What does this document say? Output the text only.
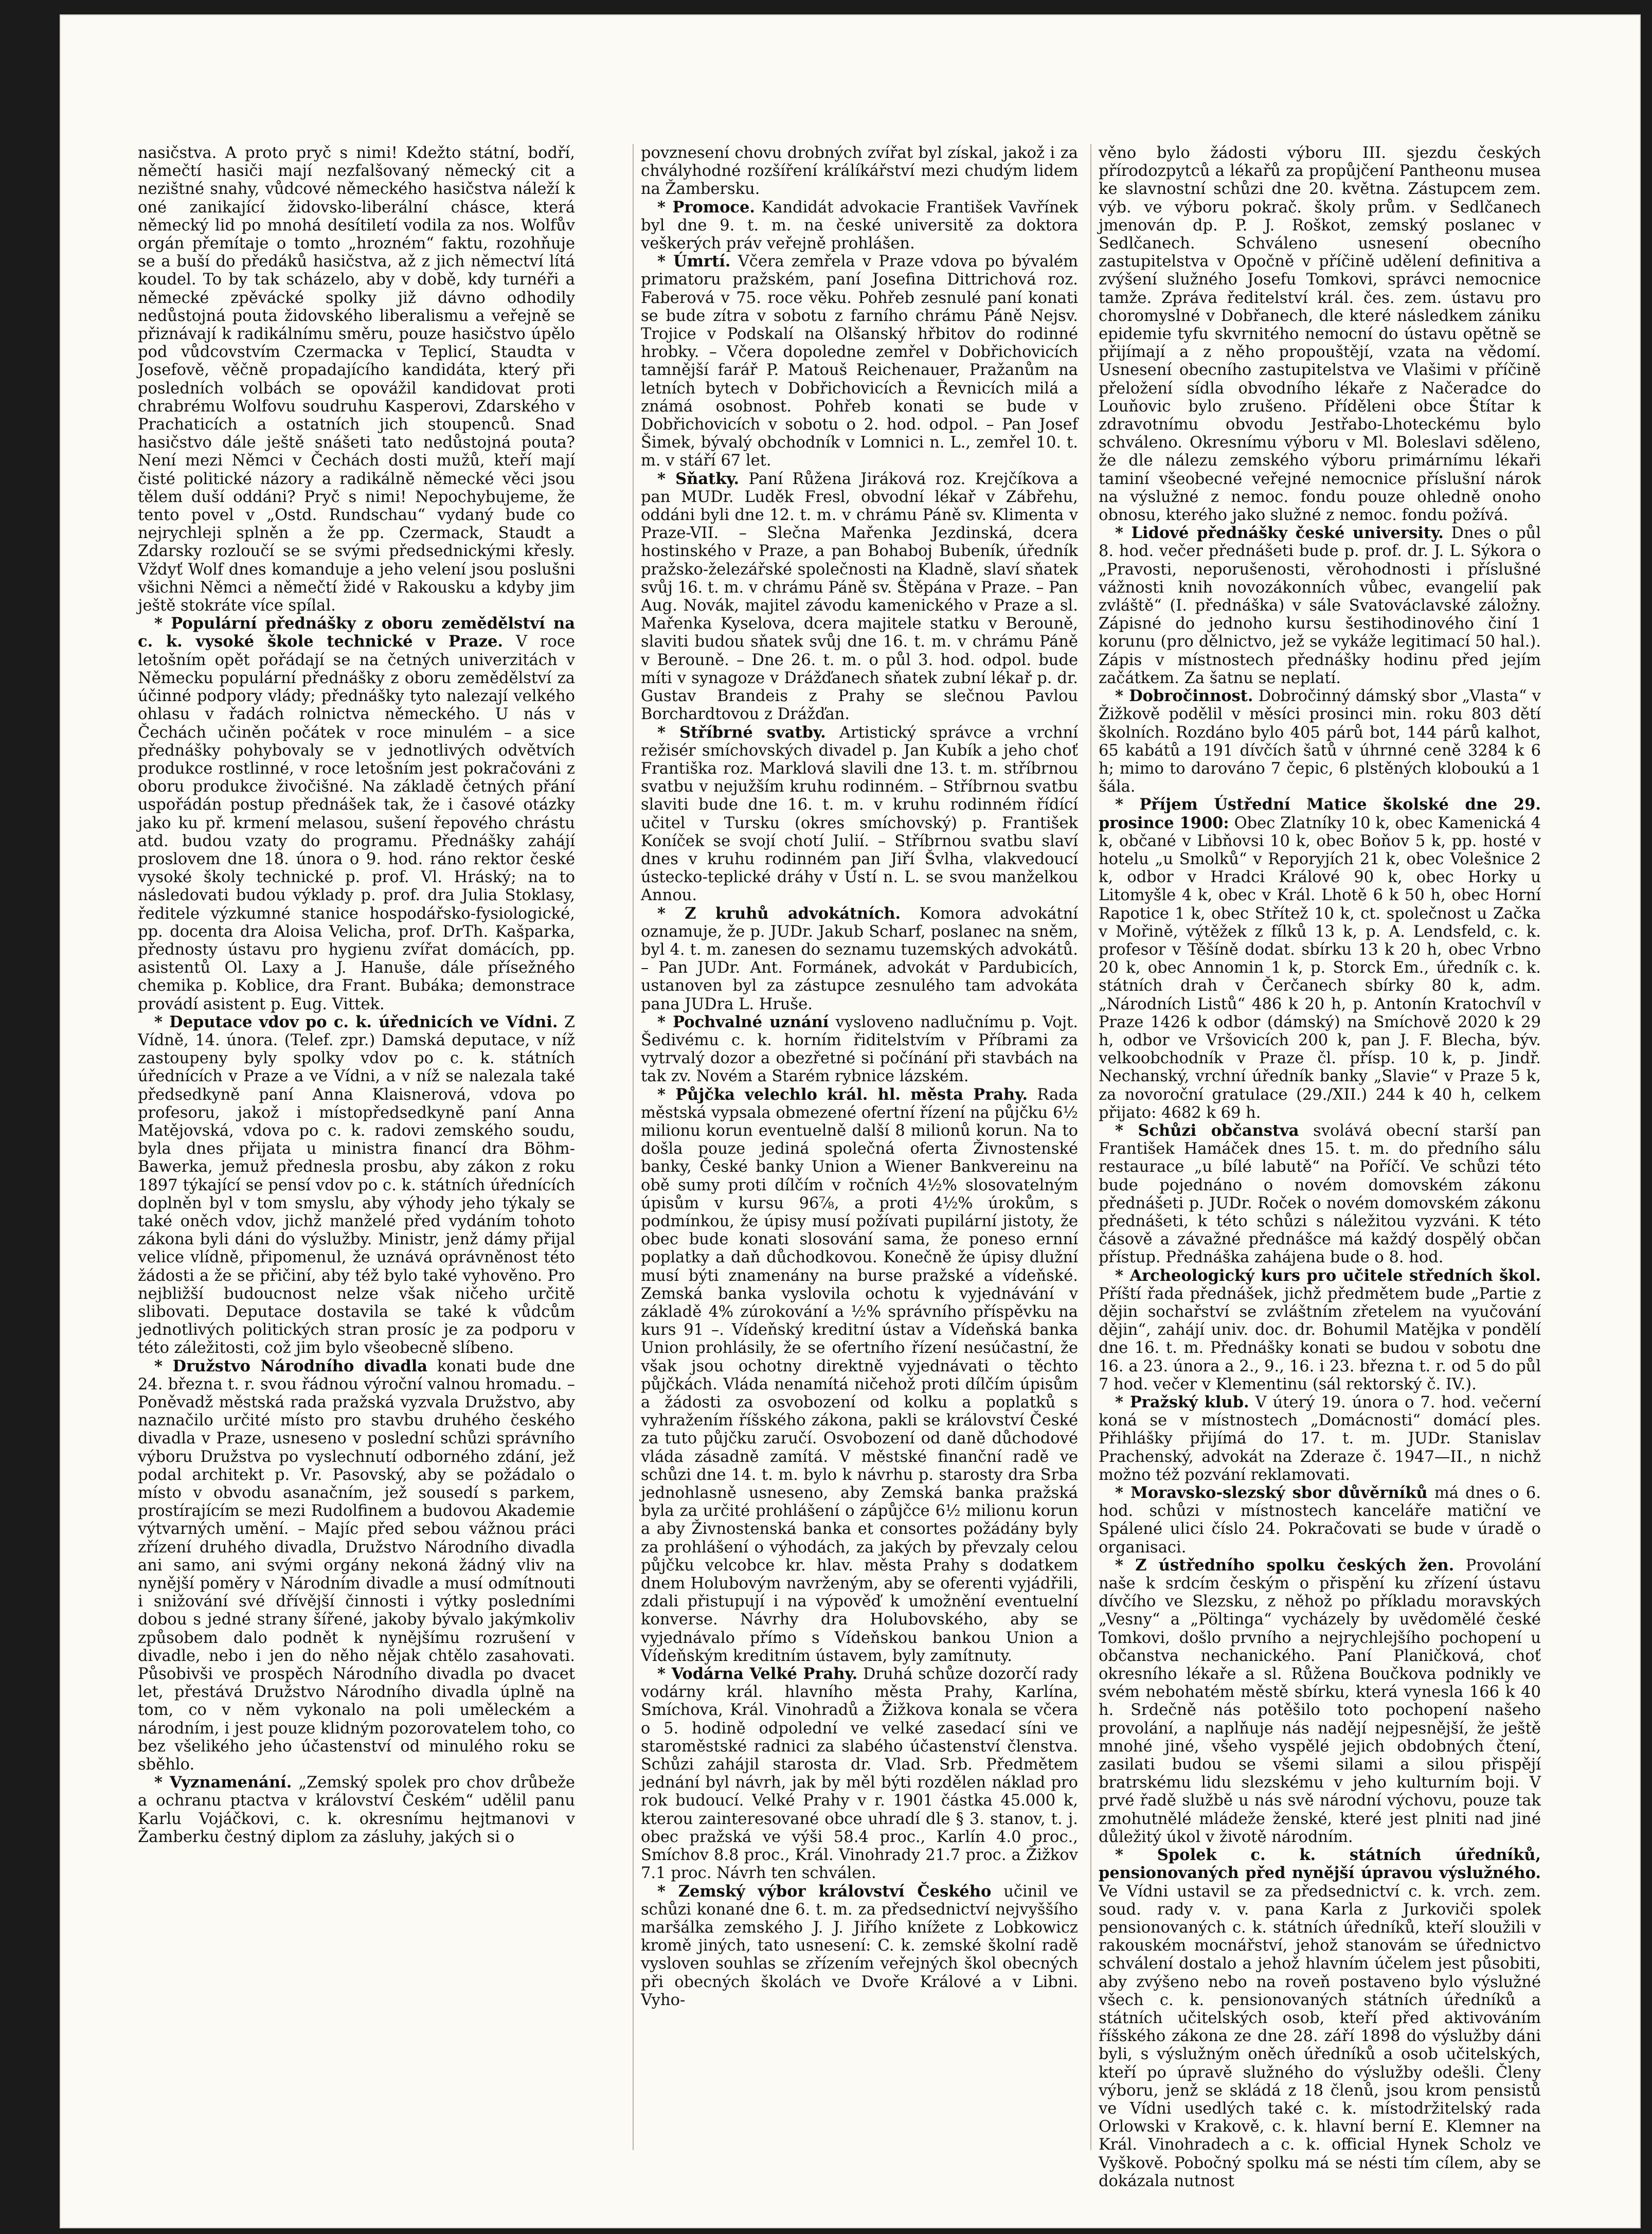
nasičstva. A proto pryč s nimi! Kdežto státní, bodří, němečtí hasiči mají nezfalšovaný německý cit a nezištné snahy, vůdcové německého hasičstva náleží k oné zanikající židovsko-liberální chásce, která německý lid po mnohá desítiletí vodila za nos. Wolfův orgán přemítaje o tomto „hrozném“ faktu, rozohňuje se a buší do předáků hasičstva, až z jich němectví lítá koudel. To by tak scházelo, aby v době, kdy turnéři a německé zpěvácké spolky již dávno odhodily nedůstojná pouta židovského liberalismu a veřejně se přiznávají k radikálnímu směru, pouze hasičstvo úpělo pod vůdcovstvím Czermacka v Teplicí, Staudta v Josefově, věčně propadajícího kandidáta, který při posledních volbách se opovážil kandidovat proti chrabrému Wolfovu soudruhu Kasperovi, Zdarského v Prachaticích a ostatních jich stoupenců. Snad hasičstvo dále ještě snášeti tato nedůstojná pouta? Není mezi Němci v Čechách dosti mužů, kteří mají čisté politické názory a radikálně německé věci jsou tělem duší oddáni? Pryč s nimi! Nepochybujeme, že tento povel v „Ostd. Rundschau“ vydaný bude co nejrychleji splněn a že pp. Czermack, Staudt a Zdarsky rozloučí se se svými předsednickými křesly. Vždyť Wolf dnes komanduje a jeho velení jsou poslušni všichni Němci a němečtí židé v Rakousku a kdyby jim ještě stokráte více spílal.

* Populární přednášky z oboru zemědělství na c. k. vysoké škole technické v Praze. V roce letošním opět pořádají se na četných univerzitách v Německu populární přednášky z oboru zemědělství za účinné podpory vlády; přednášky tyto nalezají velkého ohlasu v řadách rolnictva německého. U nás v Čechách učiněn počátek v roce minulém – a sice přednášky pohybovaly se v jednotlivých odvětvích produkce rostlinné, v roce letošním jest pokračováni z oboru produkce živočišné. Na základě četných přání uspořádán postup přednášek tak, že i časové otázky jako ku př. krmení melasou, sušení řepového chrástu atd. budou vzaty do programu. Přednášky zahájí proslovem dne 18. února o 9. hod. ráno rektor české vysoké školy technické p. prof. Vl. Hráský; na to následovati budou výklady p. prof. dra Julia Stoklasy, ředitele výzkumné stanice hospodářsko-fysiologické, pp. docenta dra Aloisa Velicha, prof. DrTh. Kašparka, přednosty ústavu pro hygienu zvířat domácích, pp. asistentů Ol. Laxy a J. Hanuše, dále přísežného chemika p. Koblice, dra Frant. Bubáka; demonstrace provádí asistent p. Eug. Vittek.

* Deputace vdov po c. k. úřednicích ve Vídni. Z Vídně, 14. února. (Telef. zpr.) Damská deputace, v níž zastoupeny byly spolky vdov po c. k. státních úřednících v Praze a ve Vídni, a v níž se nalezala také předsedkyně paní Anna Klaisnerová, vdova po profesoru, jakož i místopředsedkyně paní Anna Matějovská, vdova po c. k. radovi zemského soudu, byla dnes přijata u ministra financí dra Böhm-Bawerka, jemuž přednesla prosbu, aby zákon z roku 1897 týkající se pensí vdov po c. k. státních úřednících doplněn byl v tom smyslu, aby výhody jeho týkaly se také oněch vdov, jichž manželé před vydáním tohoto zákona byli dáni do výslužby. Ministr, jenž dámy přijal velice vlídně, připomenul, že uznává oprávněnost této žádosti a že se přičiní, aby též bylo také vyhověno. Pro nejbližší budoucnost nelze však ničeho určitě slibovati. Deputace dostavila se také k vůdcům jednotlivých politických stran prosíc je za podporu v této záležitosti, což jim bylo všeobecně slíbeno.

* Družstvo Národního divadla konati bude dne 24. března t. r. svou řádnou výroční valnou hromadu. – Poněvadž městská rada pražská vyzvala Družstvo, aby naznačilo určité místo pro stavbu druhého českého divadla v Praze, usneseno v poslední schůzi správního výboru Družstva po vyslechnutí odborného zdání, jež podal architekt p. Vr. Pasovský, aby se požádalo o místo v obvodu asanačním, jež sousedí s parkem, prostírajícím se mezi Rudolfinem a budovou Akademie výtvarných umění. – Majíc před sebou vážnou práci zřízení druhého divadla, Družstvo Národního divadla ani samo, ani svými orgány nekoná žádný vliv na nynější poměry v Národním divadle a musí odmítnouti i snižování své dřívější činnosti i výtky posledními dobou s jedné strany šířené, jakoby bývalo jakýmkoliv způsobem dalo podnět k nynějšímu rozrušení v divadle, nebo i jen do něho nějak chtělo zasahovati. Působivši ve prospěch Národního divadla po dvacet let, přestává Družstvo Národního divadla úplně na tom, co v něm vykonalo na poli uměleckém a národním, i jest pouze klidným pozorovatelem toho, co bez všelikého jeho účastenství od minulého roku se sběhlo.

* Vyznamenání. „Zemský spolek pro chov drůbeže a ochranu ptactva v království Českém“ udělil panu Karlu Vojáčkovi, c. k. okresnímu hejtmanovi v Žamberku čestný diplom za zásluhy, jakých si o

povznesení chovu drobných zvířat byl získal, jakož i za chvályhodné rozšíření králíkářství mezi chudým lidem na Žambersku.

* Promoce. Kandidát advokacie František Vavřínek byl dne 9. t. m. na české universitě za doktora veškerých práv veřejně prohlášen.

* Úmrtí. Včera zemřela v Praze vdova po bývalém primatoru pražském, paní Josefina Dittrichová roz. Faberová v 75. roce věku. Pohřeb zesnulé paní konati se bude zítra v sobotu z farního chrámu Páně Nejsv. Trojice v Podskalí na Olšanský hřbitov do rodinné hrobky. – Včera dopoledne zemřel v Dobřichovicích tamnější farář P. Matouš Reichenauer, Pražanům na letních bytech v Dobřichovicích a Řevnicích milá a známá osobnost. Pohřeb konati se bude v Dobřichovicích v sobotu o 2. hod. odpol. – Pan Josef Šimek, bývalý obchodník v Lomnici n. L., zemřel 10. t. m. v stáří 67 let.

* Sňatky. Paní Růžena Jiráková roz. Krejčíkova a pan MUDr. Luděk Fresl, obvodní lékař v Zábřehu, oddáni byli dne 12. t. m. v chrámu Páně sv. Klimenta v Praze-VII. – Slečna Mařenka Jezdinská, dcera hostinského v Praze, a pan Bohaboj Bubeník, úředník pražsko-železářské společnosti na Kladně, slaví sňatek svůj 16. t. m. v chrámu Páně sv. Štěpána v Praze. – Pan Aug. Novák, majitel závodu kamenického v Praze a sl. Mařenka Kyselova, dcera majitele statku v Berouně, slaviti budou sňatek svůj dne 16. t. m. v chrámu Páně v Berouně. – Dne 26. t. m. o půl 3. hod. odpol. bude míti v synagoze v Drážďanech sňatek zubní lékař p. dr. Gustav Brandeis z Prahy se slečnou Pavlou Borchardtovou z Drážďan.

* Stříbrné svatby. Artistický správce a vrchní režisér smíchovských divadel p. Jan Kubík a jeho choť Františka roz. Marklová slavili dne 13. t. m. stříbrnou svatbu v nejužším kruhu rodinném. – Stříbrnou svatbu slaviti bude dne 16. t. m. v kruhu rodinném řídící učitel v Tursku (okres smíchovský) p. František Koníček se svojí chotí Julií. – Stříbrnou svatbu slaví dnes v kruhu rodinném pan Jiří Švlha, vlakvedoucí ústecko-teplické dráhy v Ústí n. L. se svou manželkou Annou.

* Z kruhů advokátních. Komora advokátní oznamuje, že p. JUDr. Jakub Scharf, poslanec na sněm, byl 4. t. m. zanesen do seznamu tuzemských advokátů. – Pan JUDr. Ant. Formánek, advokát v Pardubicích, ustanoven byl za zástupce zesnulého tam advokáta pana JUDra L. Hruše.

* Pochvalné uznání vysloveno nadlučnímu p. Vojt. Šedivému c. k. horním řiditelstvím v Příbrami za vytrvalý dozor a obezřetné si počínání při stavbách na tak zv. Novém a Starém rybnice lázském.

* Půjčka velechlo král. hl. města Prahy. Rada městská vypsala obmezené ofertní řízení na půjčku 6½ milionu korun eventuelně další 8 milionů korun. Na to došla pouze jediná společná oferta Živnostenské banky, České banky Union a Wiener Bankvereinu na obě sumy proti dílčím v ročních 4½% slosovatelným úpisům v kursu 96⅞, a proti 4½% úrokům, s podmínkou, že úpisy musí požívati pupilární jistoty, že obec bude konati slosování sama, že poneso ernní poplatky a daň důchodkovou. Konečně že úpisy dlužní musí býti znamenány na burse pražské a vídeňské. Zemská banka vyslovila ochotu k vyjednávání v základě 4% zúrokování a ½% správního příspěvku na kurs 91 –. Vídeňský kreditní ústav a Vídeňská banka Union prohlásily, že se ofertního řízení nesúčastní, že však jsou ochotny direktně vyjednávati o těchto půjčkách. Vláda nenamítá ničehož proti dílčím úpisům a žádosti za osvobození od kolku a poplatků s vyhražením říšského zákona, pakli se království České za tuto půjčku zaručí. Osvobození od daně důchodové vláda zásadně zamítá. V městské finanční radě ve schůzi dne 14. t. m. bylo k návrhu p. starosty dra Srba jednohlasně usneseno, aby Zemská banka pražská byla za určité prohlášení o zápůjčce 6½ milionu korun a aby Živnostenská banka et consortes požádány byly za prohlášení o výhodách, za jakých by převzaly celou půjčku velcobce kr. hlav. města Prahy s dodatkem dnem Holubovým navrženým, aby se oferenti vyjádřili, zdali přistupují i na výpověď k umožnění eventuelní konverse. Návrhy dra Holubovského, aby se vyjednávalo přímo s Vídeňskou bankou Union a Vídeňským kreditním ústavem, byly zamítnuty.

* Vodárna Velké Prahy. Druhá schůze dozorčí rady vodárny král. hlavního města Prahy, Karlína, Smíchova, Král. Vinohradů a Žižkova konala se včera o 5. hodině odpolední ve velké zasedací síni ve staroměstské radnici za slabého účastenství členstva. Schůzi zahájil starosta dr. Vlad. Srb. Předmětem jednání byl návrh, jak by měl býti rozdělen náklad pro rok budoucí. Velké Prahy v r. 1901 částka 45.000 k, kterou zainteresované obce uhradí dle § 3. stanov, t. j. obec pražská ve výši 58.4 proc., Karlín 4.0 proc., Smíchov 8.8 proc., Král. Vinohrady 21.7 proc. a Žižkov 7.1 proc. Návrh ten schválen.

* Zemský výbor království Českého učinil ve schůzi konané dne 6. t. m. za předsednictví nejvyššího maršálka zemského J. J. Jiřího knížete z Lobkowicz kromě jiných, tato usnesení: C. k. zemské školní radě vysloven souhlas se zřízením veřejných škol obecných při obecných školách ve Dvoře Králové a v Libni. Vyho-

věno bylo žádosti výboru III. sjezdu českých přírodozpytců a lékařů za propůjčení Pantheonu musea ke slavnostní schůzi dne 20. května. Zástupcem zem. výb. ve výboru pokrač. školy prům. v Sedlčanech jmenován dp. P. J. Roškot, zemský poslanec v Sedlčanech. Schváleno usnesení obecního zastupitelstva v Opočně v příčině udělení definitiva a zvýšení služného Josefu Tomkovi, správci nemocnice tamže. Zpráva ředitelství král. čes. zem. ústavu pro choromyslné v Dobřanech, dle které následkem zániku epidemie tyfu skvrnitého nemocní do ústavu opětně se přijímají a z něho propouštějí, vzata na vědomí. Usnesení obecního zastupitelstva ve Vlašimi v příčině přeložení sídla obvodního lékaře z Načeradce do Louňovic bylo zrušeno. Příděleni obce Štítar k zdravotnímu obvodu Jestřabo-Lhoteckému bylo schváleno. Okresnímu výboru v Ml. Boleslavi sděleno, že dle nálezu zemského výboru primárnímu lékaři taminí všeobecné veřejné nemocnice příslušní nárok na výslužné z nemoc. fondu pouze ohledně onoho obnosu, kterého jako služné z nemoc. fondu požívá.

* Lidové přednášky české university. Dnes o půl 8. hod. večer přednášeti bude p. prof. dr. J. L. Sýkora o „Pravosti, neporušenosti, věrohodnosti i příslušné vážnosti knih novozákonních vůbec, evangelií pak zvláště“ (I. přednáška) v sále Svatováclavské záložny. Zápisné do jednoho kursu šestihodinového činí 1 korunu (pro dělnictvo, jež se vykáže legitimací 50 hal.). Zápis v místnostech přednášky hodinu před jejím začátkem. Za šatnu se neplatí.

* Dobročinnost. Dobročinný dámský sbor „Vlasta“ v Žižkově podělil v měsíci prosinci min. roku 803 dětí školních. Rozdáno bylo 405 párů bot, 144 párů kalhot, 65 kabátů a 191 dívčích šatů v úhrnné ceně 3284 k 6 h; mimo to darováno 7 čepic, 6 plstěných kloboukú a 1 šála.

* Příjem Ústřední Matice školské dne 29. prosince 1900: Obec Zlatníky 10 k, obec Kamenická 4 k, občané v Libňovsi 10 k, obec Boňov 5 k, pp. hosté v hotelu „u Smolků“ v Reporyjích 21 k, obec Volešnice 2 k, odbor v Hradci Králové 90 k, obec Horky u Litomyšle 4 k, obec v Král. Lhotě 6 k 50 h, obec Horní Rapotice 1 k, obec Střítež 10 k, ct. společnost u Začka v Mořině, výtěžek z fílků 13 k, p. A. Lendsfeld, c. k. profesor v Těšíně dodat. sbírku 13 k 20 h, obec Vrbno 20 k, obec Annomin 1 k, p. Storck Em., úředník c. k. státních drah v Čerčanech sbírky 80 k, adm. „Národních Listů“ 486 k 20 h, p. Antonín Kratochvíl v Praze 1426 k odbor (dámský) na Smíchově 2020 k 29 h, odbor ve Vršovicích 200 k, pan J. F. Blecha, býv. velkoobchodník v Praze čl. přísp. 10 k, p. Jindř. Nechanský, vrchní úředník banky „Slavie“ v Praze 5 k, za novoroční gratulace (29./XII.) 244 k 40 h, celkem přijato: 4682 k 69 h.

* Schůzi občanstva svolává obecní starší pan František Hamáček dnes 15. t. m. do předního sálu restaurace „u bílé labutě“ na Poříčí. Ve schůzi této bude pojednáno o novém domovském zákonu přednášeti p. JUDr. Roček o novém domovském zákonu přednášeti, k této schůzi s náležitou vyzváni. K této čásově a závažné přednášce má každý dospělý občan přístup. Přednáška zahájena bude o 8. hod.

* Archeologický kurs pro učitele středních škol. Příští řada přednášek, jichž předmětem bude „Partie z dějin sochařství se zvláštním zřetelem na vyučování dějin“, zahájí univ. doc. dr. Bohumil Matějka v pondělí dne 16. t. m. Přednášky konati se budou v sobotu dne 16. a 23. února a 2., 9., 16. i 23. března t. r. od 5 do půl 7 hod. večer v Klementinu (sál rektorský č. IV.).

* Pražský klub. V úterý 19. února o 7. hod. večerní koná se v místnostech „Domácnosti“ domácí ples. Přihlášky přijímá do 17. t. m. JUDr. Stanislav Prachenský, advokát na Zderaze č. 1947—II., n nichž možno též pozvání reklamovati.

* Moravsko-slezský sbor důvěrníků má dnes o 6. hod. schůzi v místnostech kanceláře matiční ve Spálené ulici číslo 24. Pokračovati se bude v úradě o organisaci.

* Z ústředního spolku českých žen. Provolání naše k srdcím českým o přispění ku zřízení ústavu dívčího ve Slezsku, z něhož po příkladu moravských „Vesny“ a „Pöltinga“ vycházely by uvědomělé české Tomkovi, došlo prvního a nejrychlejšího pochopení u občanstva nechanického. Paní Planičková, choť okresního lékaře a sl. Růžena Boučkova podnikly ve svém nebohatém městě sbírku, která vynesla 166 k 40 h. Srdečně nás potěšilo toto pochopení našeho provolání, a naplňuje nás nadějí nejpesnější, že ještě mnohé jiné, všeho vyspělé jejich obdobných čtení, zasilati budou se všemi silami a silou přispějí bratrskému lidu slezskému v jeho kulturním boji. V prvé řadě službě u nás svě národní výchovu, pouze tak zmohutnělé mládeže ženské, které jest plniti nad jiné důležitý úkol v životě národním.

* Spolek c. k. státních úředníků, pensionovaných před nynější úpravou výslužného. Ve Vídni ustavil se za předsednictví c. k. vrch. zem. soud. rady v. v. pana Karla z Jurkoviči spolek pensionovaných c. k. státních úředníků, kteří sloužili v rakouském mocnářství, jehož stanovám se úřednictvo schválení dostalo a jehož hlavním účelem jest působiti, aby zvýšeno nebo na roveň postaveno bylo výslužné všech c. k. pensionovaných státních úředníků a státních učitelských osob, kteří před aktivováním říšského zákona ze dne 28. září 1898 do výslužby dáni byli, s výslužným oněch úředníků a osob učitelských, kteří po úpravě služného do výslužby odešli. Členy výboru, jenž se skládá z 18 členů, jsou krom pensistů ve Vídni usedlých také c. k. místodržitelský rada Orlowski v Krakově, c. k. hlavní berní E. Klemner na Král. Vinohradech a c. k. official Hynek Scholz ve Vyškově. Pobočný spolku má se nésti tím cílem, aby se dokázala nutnost
